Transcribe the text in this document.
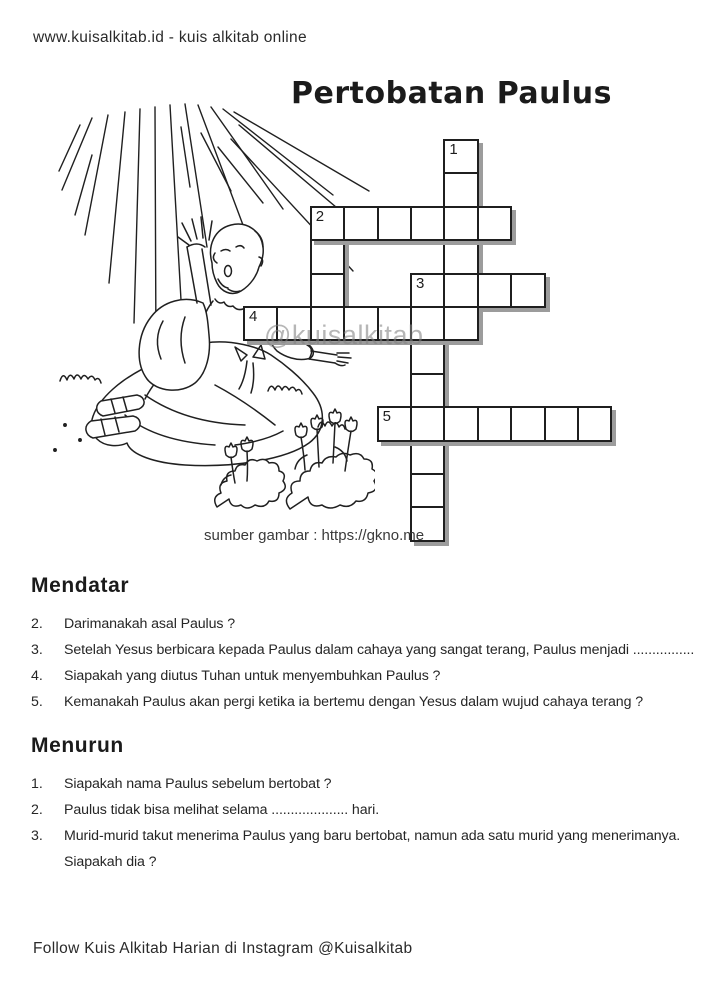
www.kuisalkitab.id - kuis alkitab online
Pertobatan Paulus
1
2
3
4
5
@kuisalkitab
sumber gambar : https://gkno.me
Mendatar
2.	Darimanakah asal Paulus ?
3.	Setelah Yesus berbicara kepada Paulus dalam cahaya yang sangat terang, Paulus menjadi ................
4.	Siapakah yang diutus Tuhan untuk menyembuhkan Paulus ?
5.	Kemanakah Paulus akan pergi ketika ia bertemu dengan Yesus dalam wujud cahaya terang ?
Menurun
1.	Siapakah nama Paulus sebelum bertobat ?
2.	Paulus tidak bisa melihat selama .................... hari.
3.	Murid-murid takut menerima Paulus yang baru bertobat, namun ada satu murid yang menerimanya. Siapakah dia ?
Follow Kuis Alkitab Harian di Instagram @Kuisalkitab
